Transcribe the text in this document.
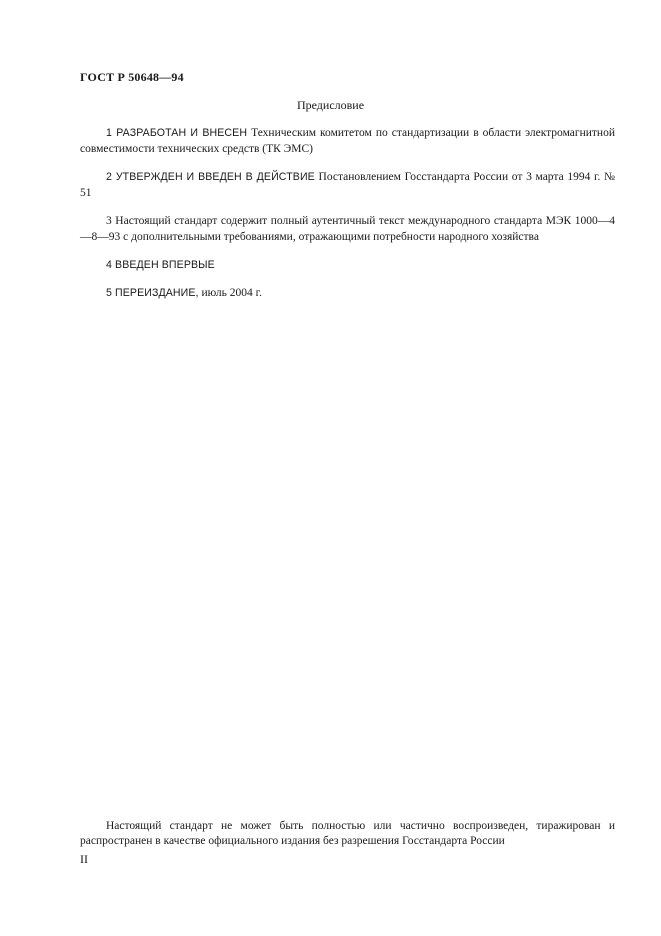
ГОСТ Р 50648—94
Предисловие

1 РАЗРАБОТАН И ВНЕСЕН Техническим комитетом по стандартизации в области электромагнитной совместимости технических средств (ТК ЭМС)

2 УТВЕРЖДЕН И ВВЕДЕН В ДЕЙСТВИЕ Постановлением Госстандарта России от 3 марта 1994 г. № 51

3 Настоящий стандарт содержит полный аутентичный текст международного стандарта МЭК 1000—4—8—93 с дополнительными требованиями, отражающими потребности народного хозяйства

4 ВВЕДЕН ВПЕРВЫЕ

5 ПЕРЕИЗДАНИЕ, июль 2004 г.

Настоящий стандарт не может быть полностью или частично воспроизведен, тиражирован и распространен в качестве официального издания без разрешения Госстандарта России
II
